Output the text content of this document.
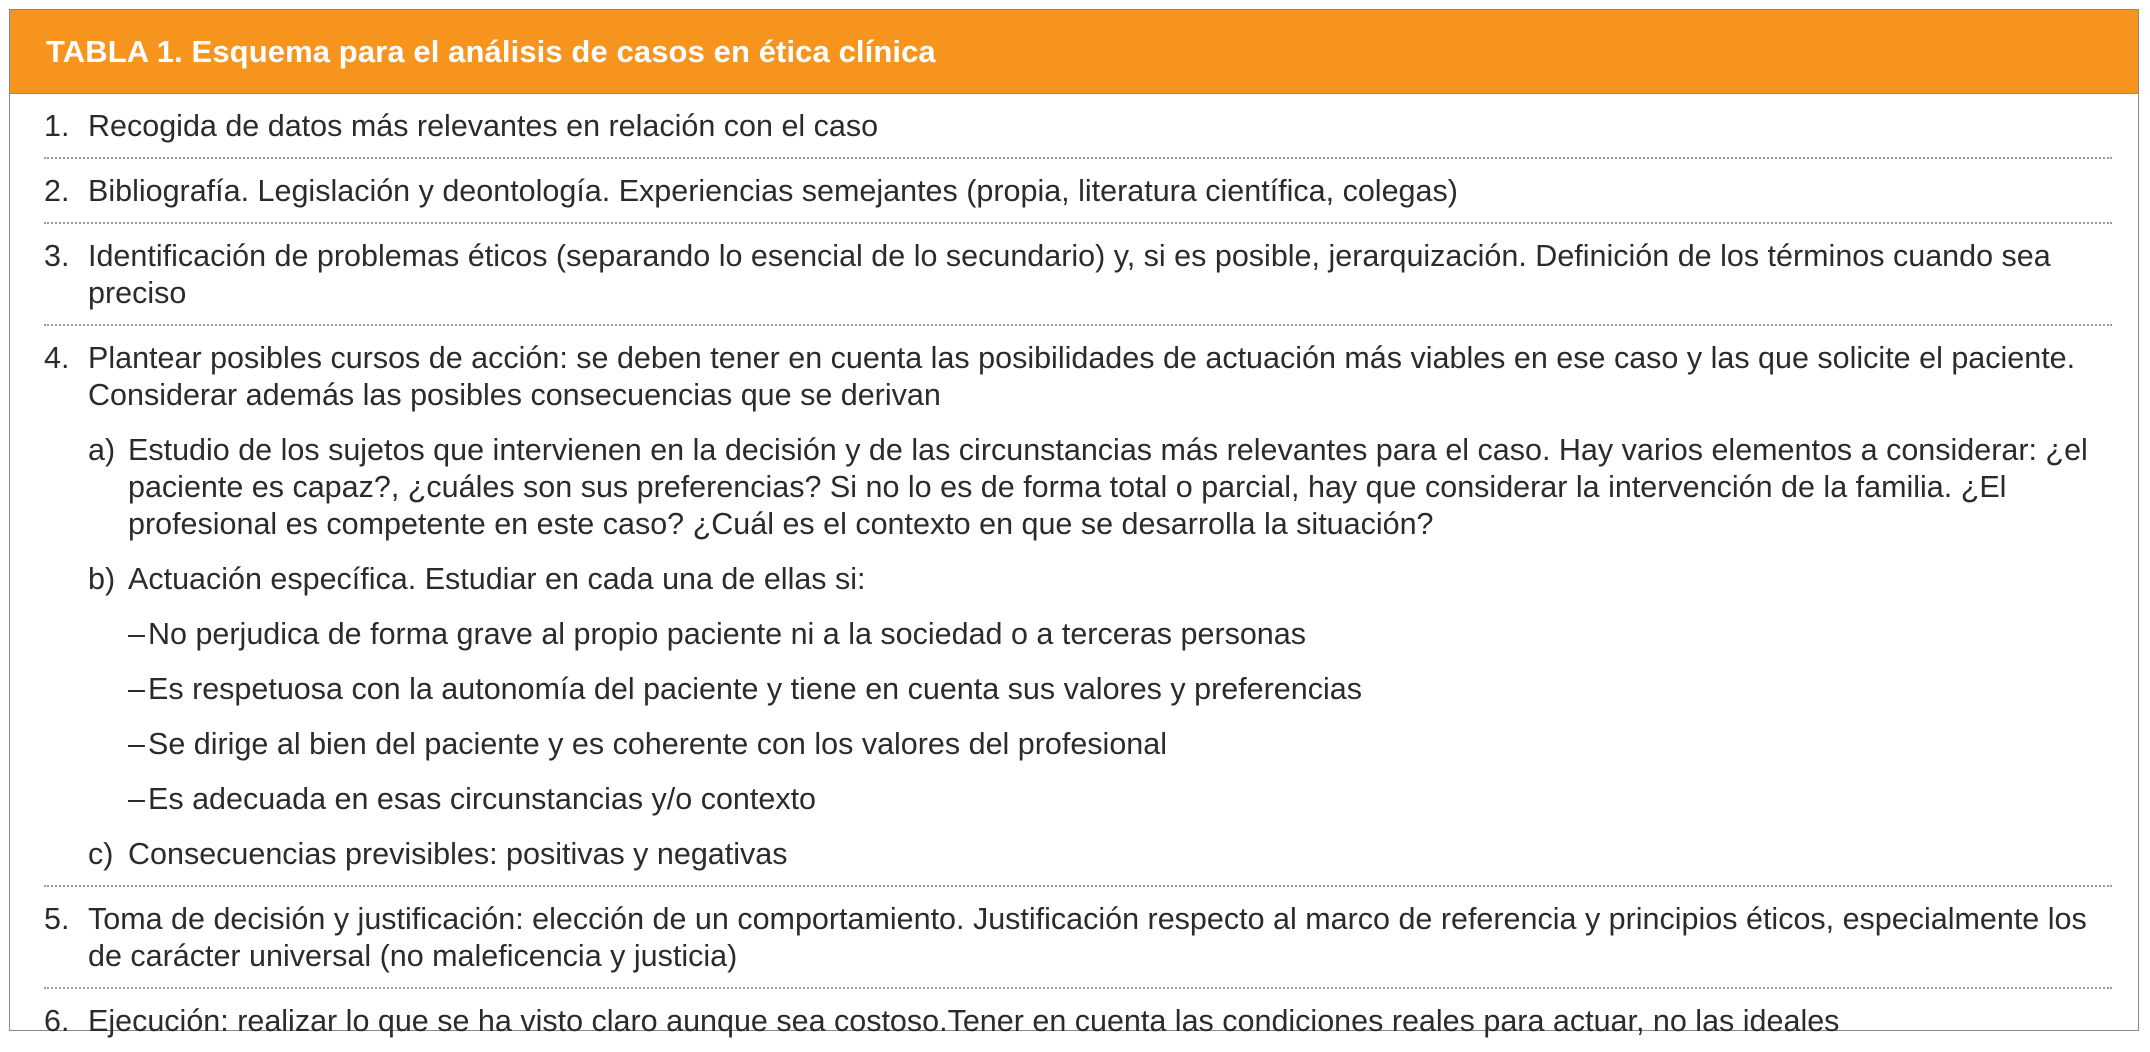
TABLA 1. Esquema para el análisis de casos en ética clínica
1. Recogida de datos más relevantes en relación con el caso
2. Bibliografía. Legislación y deontología. Experiencias semejantes (propia, literatura científica, colegas)
3. Identificación de problemas éticos (separando lo esencial de lo secundario) y, si es posible, jerarquización. Definición de los términos cuando sea preciso
4. Plantear posibles cursos de acción: se deben tener en cuenta las posibilidades de actuación más viables en ese caso y las que solicite el paciente. Considerar además las posibles consecuencias que se derivan
a) Estudio de los sujetos que intervienen en la decisión y de las circunstancias más relevantes para el caso. Hay varios elementos a considerar: ¿el paciente es capaz?, ¿cuáles son sus preferencias? Si no lo es de forma total o parcial, hay que considerar la intervención de la familia. ¿El profesional es competente en este caso? ¿Cuál es el contexto en que se desarrolla la situación?
b) Actuación específica. Estudiar en cada una de ellas si:
– No perjudica de forma grave al propio paciente ni a la sociedad o a terceras personas
– Es respetuosa con la autonomía del paciente y tiene en cuenta sus valores y preferencias
– Se dirige al bien del paciente y es coherente con los valores del profesional
– Es adecuada en esas circunstancias y/o contexto
c) Consecuencias previsibles: positivas y negativas
5. Toma de decisión y justificación: elección de un comportamiento. Justificación respecto al marco de referencia y principios éticos, especialmente los de carácter universal (no maleficencia y justicia)
6. Ejecución: realizar lo que se ha visto claro aunque sea costoso.Tener en cuenta las condiciones reales para actuar, no las ideales
